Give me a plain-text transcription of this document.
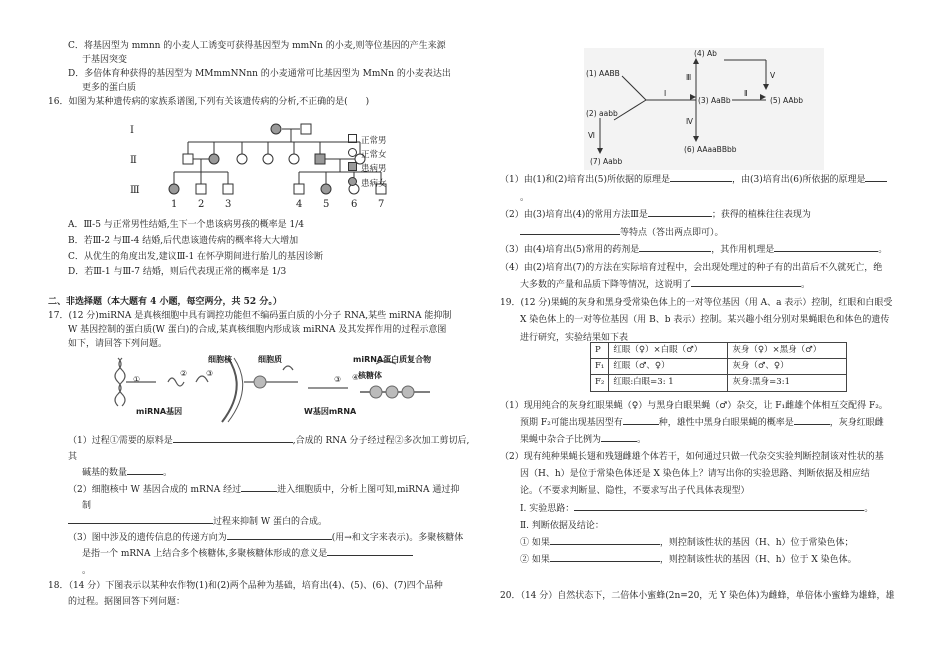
C．将基因型为 mmnn 的小麦人工诱变可获得基因型为 mmNn 的小麦,则等位基因的产生来源

于基因突变

D．多倍体育种获得的基因型为 MMmmNNnn 的小麦通常可比基因型为 MmNn 的小麦表达出

更多的蛋白质

16．如图为某种遗传病的家族系谱图,下列有关该遗传病的分析,不正确的是(　　)

Ⅰ
Ⅱ
Ⅲ
1 2 3	4 5 6 7
正常男
正常女
患病男
患病女

A．Ⅲ-5 与正常男性结婚,生下一个患该病男孩的概率是 1/4

B．若Ⅲ-2 与Ⅲ-4 结婚,后代患该遗传病的概率将大大增加

C．从优生的角度出发,建议Ⅲ-1 在怀孕期间进行胎儿的基因诊断

D．若Ⅲ-1 与Ⅲ-7 结婚，则后代表现正常的概率是 1/3

二、非选择题（本大题有 4 小题，每空两分，共 52 分。）

17．(12 分)miRNA 是真核细胞中具有调控功能但不编码蛋白质的小分子 RNA,某些 miRNA 能抑制

W 基因控制的蛋白质(W 蛋白)的合成,某真核细胞内形成该 miRNA 及其发挥作用的过程示意图

如下，请回答下列问题。

①
② ③
③ ④
细胞核	细胞质	miRNA蛋白质复合物
核糖体
miRNA基因	W基因mRNA

（1）过程①需要的原料是	,合成的 RNA 分子经过程②多次加工剪切后,其

碱基的数量	。

（2）细胞核中 W 基因合成的 mRNA 经过	进入细胞质中，分析上图可知,miRNA 通过抑

制

过程来抑制 W 蛋白的合成。

（3）图中涉及的遗传信息的传递方向为	(用→和文字来表示)。多聚核糖体

是指一个 mRNA 上结合多个核糖体,多聚核糖体形成的意义是

。

18．（14 分）下图表示以某种农作物(1)和(2)两个品种为基础，培育出(4)、(5)、(6)、(7)四个品种

的过程。据图回答下列问题：

(1) AABB
(2) aabb
(3) AaBb
(4) Ab
(5) AAbb
(6) AAaaBBbb
(7) Aabb
Ⅰ	Ⅱ
Ⅲ
Ⅳ
Ⅴ
Ⅵ

（1）由(1)和(2)培育出(5)所依据的原理是	，由(3)培育出(6)所依据的原理是

。

（2）由(3)培育出(4)的常用方法Ⅲ是	；获得的植株往往表现为

等特点（答出两点即可）。

（3）由(4)培育出(5)常用的药剂是	，其作用机理是	。

（4）由(2)培育出(7)的方法在实际培育过程中，会出现处理过的种子有的出苗后不久就死亡，绝

大多数的产量和品质下降等情况，这说明了	。

19．(12 分)果蝇的灰身和黑身受常染色体上的一对等位基因（用 A、a 表示）控制，红眼和白眼受

X 染色体上的一对等位基因（用 B、b 表示）控制。某兴趣小组分别对果蝇眼色和体色的遗传

进行研究，实验结果如下表

P	红眼（♀）×白眼（♂）	灰身（♀）×黑身（♂）
F₁	红眼（♂、♀）	灰身（♂、♀）
F₂	红眼:白眼=3: 1	灰身:黑身=3:1

（1）现用纯合的灰身红眼果蝇（♀）与黑身白眼果蝇（♂）杂交，让 F₁雌雄个体相互交配得 F₂。

预期 F₂可能出现基因型有	种，雄性中黑身白眼果蝇的概率是	，灰身红眼雌

果蝇中杂合子比例为	。

（2）现有纯种果蝇长翅和残翅雌雄个体若干，如何通过只做一代杂交实验判断控制该对性状的基

因（H、h）是位于常染色体还是 X 染色体上？请写出你的实验思路、判断依据及相应结

论。（不要求判断显、隐性，不要求写出子代具体表现型）

Ⅰ. 实验思路：	。

Ⅱ. 判断依据及结论：

① 如果	，则控制该性状的基因（H、h）位于常染色体；

② 如果	，则控制该性状的基因（H、h）位于 X 染色体。

20．（14 分）自然状态下，二倍体小蜜蜂(2n=20，无 Y 染色体)为雌蜂，单倍体小蜜蜂为雄蜂，雄
